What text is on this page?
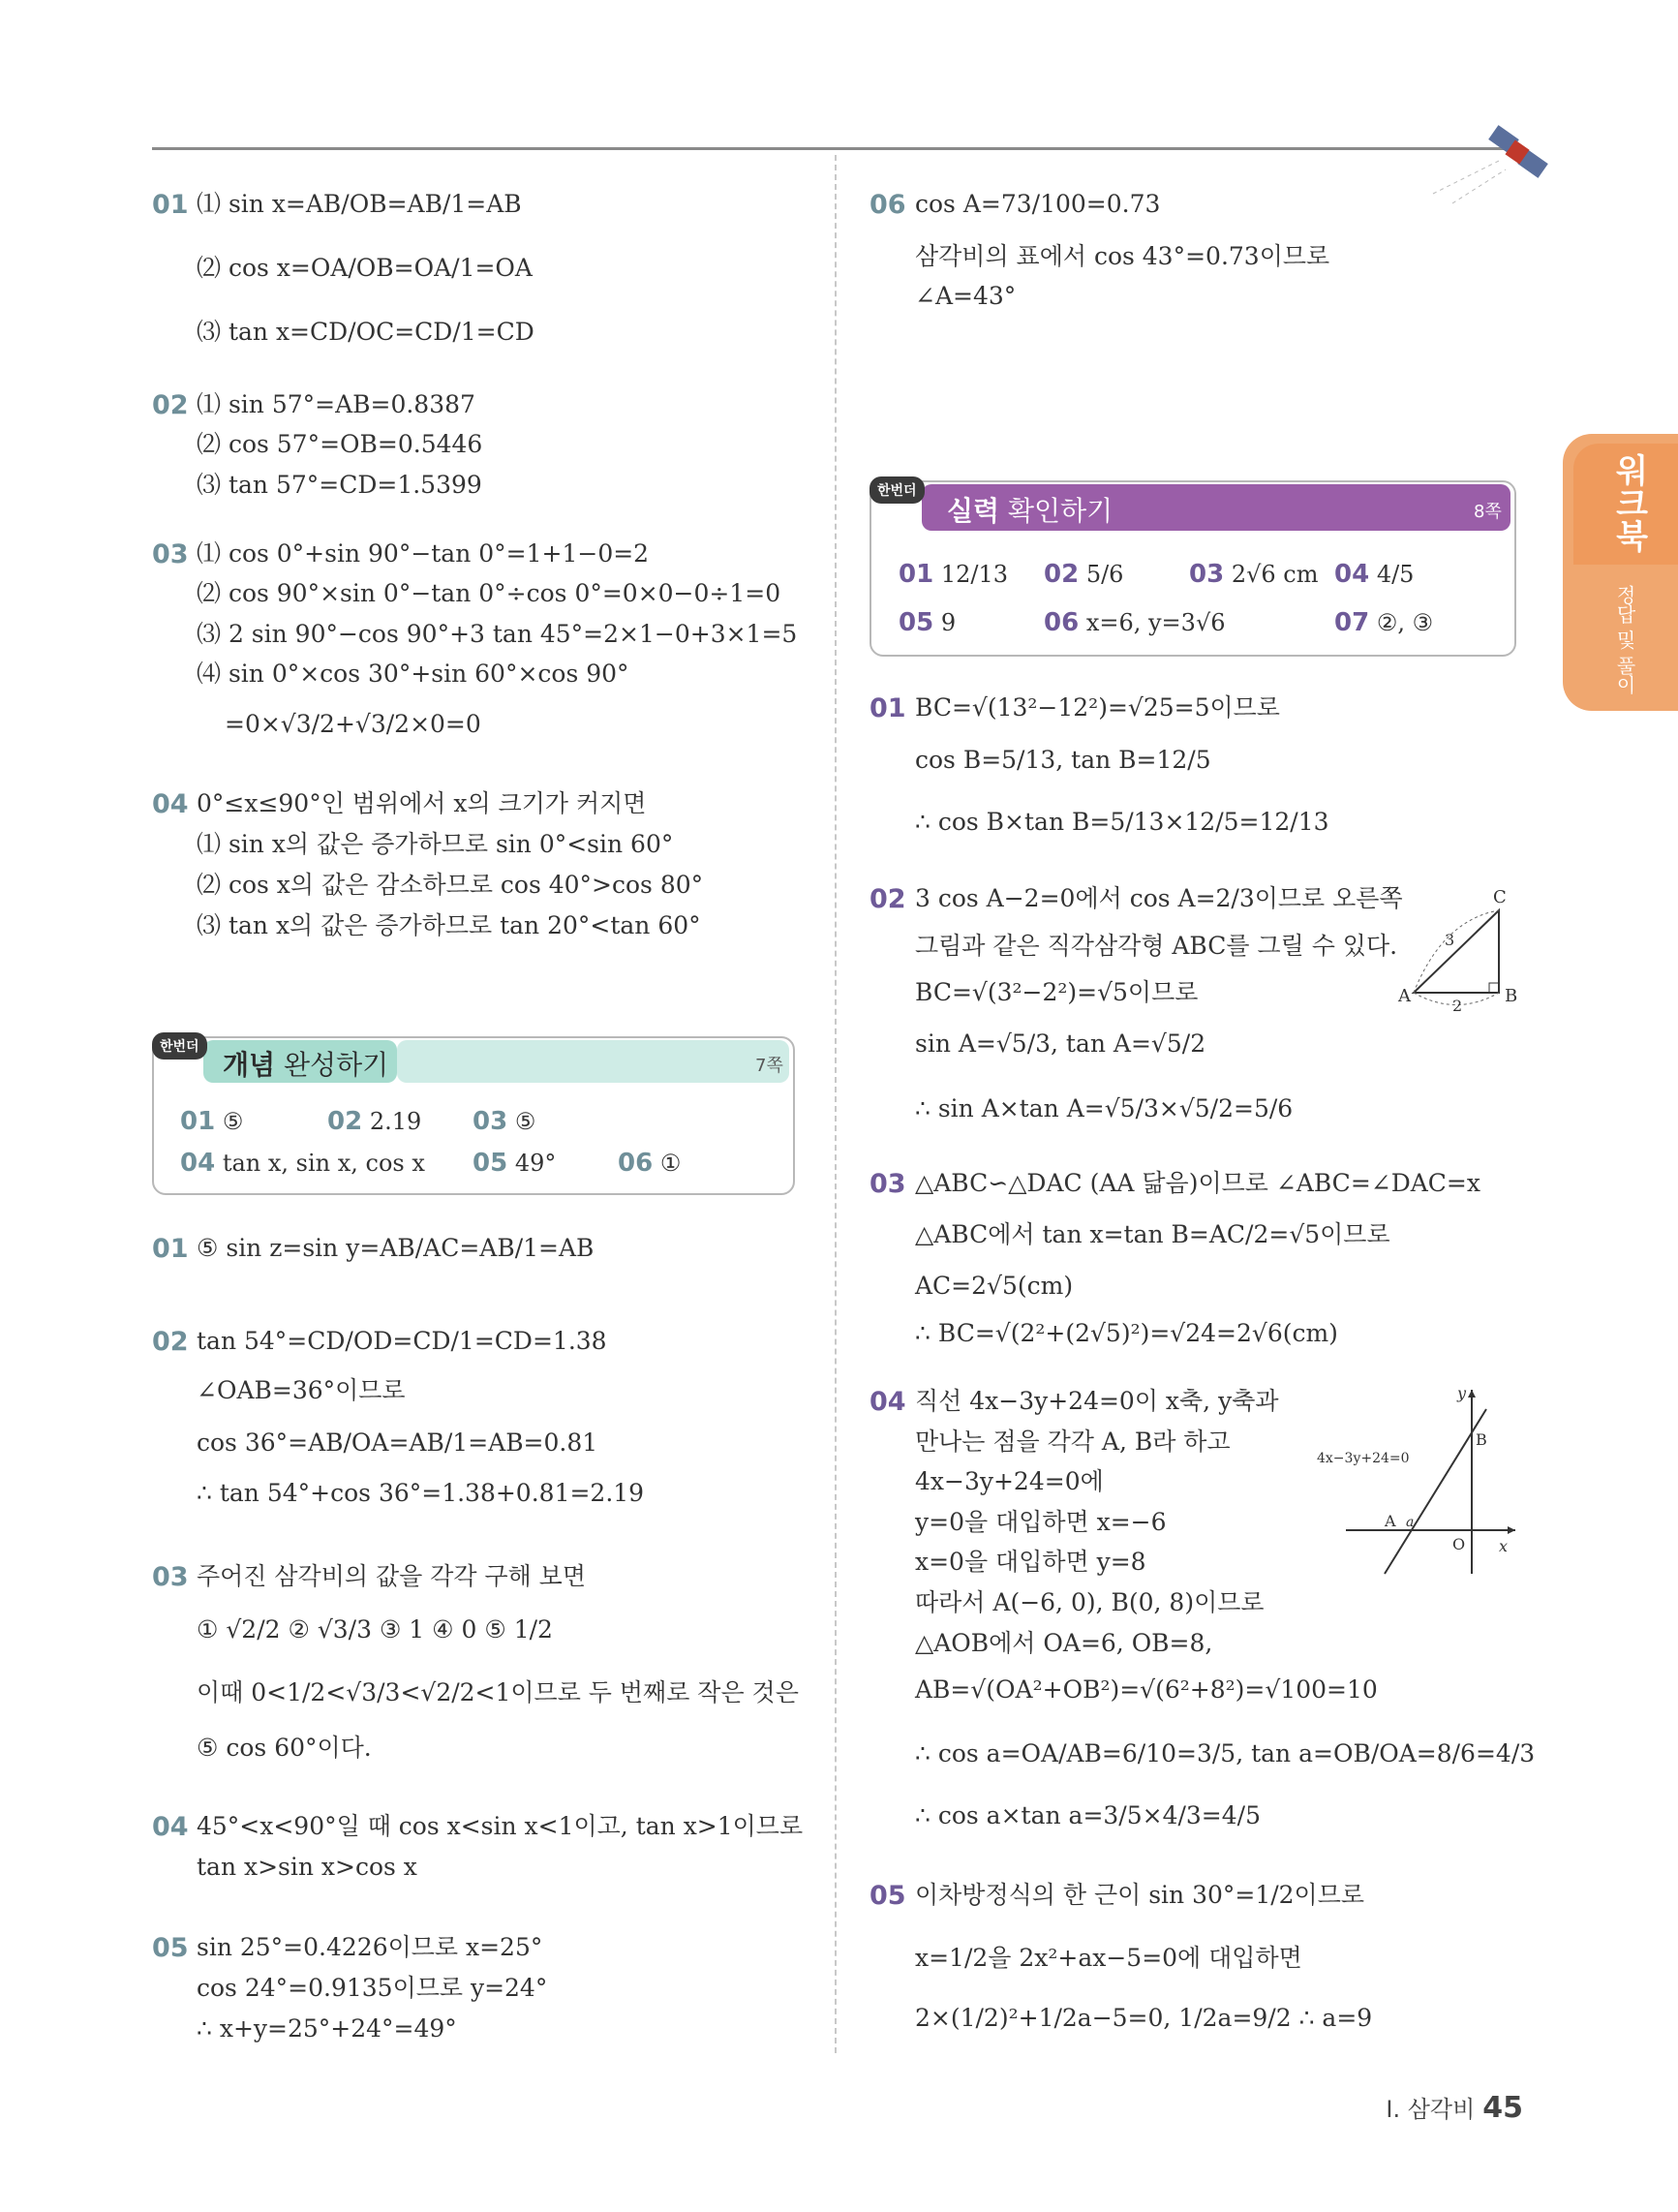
워크북
정답 및 풀이
01 ⑴ sin x=AB/OB=AB/1=AB
⑵ cos x=OA/OB=OA/1=OA
⑶ tan x=CD/OC=CD/1=CD
02 ⑴ sin 57°=AB=0.8387
⑵ cos 57°=OB=0.5446
⑶ tan 57°=CD=1.5399
03 ⑴ cos 0°+sin 90°−tan 0°=1+1−0=2
⑵ cos 90°×sin 0°−tan 0°÷cos 0°=0×0−0÷1=0
⑶ 2 sin 90°−cos 90°+3 tan 45°=2×1−0+3×1=5
⑷ sin 0°×cos 30°+sin 60°×cos 90°
=0×√3/2+√3/2×0=0
04 0°≤x≤90°인 범위에서 x의 크기가 커지면
⑴ sin x의 값은 증가하므로 sin 0°<sin 60°
⑵ cos x의 값은 감소하므로 cos 40°>cos 80°
⑶ tan x의 값은 증가하므로 tan 20°<tan 60°
한번더
개념 완성하기	7쪽
01 ⑤	02 2.19 03 ⑤
04 tan x, sin x, cos x 05 49° 06 ①
01 ⑤ sin z=sin y=AB/AC=AB/1=AB
02 tan 54°=CD/OD=CD/1=CD=1.38
∠OAB=36°이므로
cos 36°=AB/OA=AB/1=AB=0.81
∴ tan 54°+cos 36°=1.38+0.81=2.19
03 주어진 삼각비의 값을 각각 구해 보면
① √2/2 ② √3/3 ③ 1 ④ 0 ⑤ 1/2
이때 0<1/2<√3/3<√2/2<1이므로 두 번째로 작은 것은
⑤ cos 60°이다.
04 45°<x<90°일 때 cos x<sin x<1이고, tan x>1이므로
tan x>sin x>cos x
05 sin 25°=0.4226이므로 x=25°
cos 24°=0.9135이므로 y=24°
∴ x+y=25°+24°=49°
06 cos A=73/100=0.73
삼각비의 표에서 cos 43°=0.73이므로
∠A=43°
한번더
실력 확인하기	8쪽
01 12/13 02 5/6	03 2√6 cm 04 4/5
05 9	06 x=6, y=3√6	07 ②, ③
01 BC=√(13²−12²)=√25=5이므로
cos B=5/13, tan B=12/5
∴ cos B×tan B=5/13×12/5=12/13
02 3 cos A−2=0에서 cos A=2/3이므로 오른쪽
그림과 같은 직각삼각형 ABC를 그릴 수 있다.
BC=√(3²−2²)=√5이므로
sin A=√5/3, tan A=√5/2
∴ sin A×tan A=√5/3×√5/2=5/6
A	B
C
3
2
03 △ABC∽△DAC (AA 닮음)이므로 ∠ABC=∠DAC=x
△ABC에서 tan x=tan B=AC/2=√5이므로
AC=2√5(cm)
∴ BC=√(2²+(2√5)²)=√24=2√6(cm)
04 직선 4x−3y+24=0이 x축, y축과
만나는 점을 각각 A, B라 하고
4x−3y+24=0에
y=0을 대입하면 x=−6
x=0을 대입하면 y=8
따라서 A(−6, 0), B(0, 8)이므로
△AOB에서 OA=6, OB=8,
AB=√(OA²+OB²)=√(6²+8²)=√100=10
∴ cos a=OA/AB=6/10=3/5, tan a=OB/OA=8/6=4/3
∴ cos a×tan a=3/5×4/3=4/5
y
x
O
A
B
a
4x−3y+24=0
05 이차방정식의 한 근이 sin 30°=1/2이므로
x=1/2을 2x²+ax−5=0에 대입하면
2×(1/2)²+1/2a−5=0, 1/2a=9/2 ∴ a=9
I. 삼각비 45
